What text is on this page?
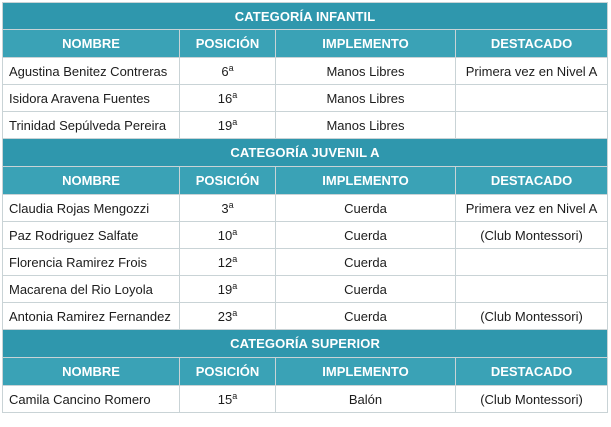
CATEGORÍA INFANTIL			
NOMBRE	POSICIÓN	IMPLEMENTO	DESTACADO
Agustina Benitez Contreras	6$^a$	Manos Libres	Primera vez en Nivel A
Isidora Aravena Fuentes	16$^a$	Manos Libres	
Trinidad Sepúlveda Pereira	19$^a$	Manos Libres	
CATEGORÍA JUVENIL A			
NOMBRE	POSICIÓN	IMPLEMENTO	DESTACADO
Claudia Rojas Mengozzi	3$^a$	Cuerda	Primera vez en Nivel A
Paz Rodriguez Salfate	10$^a$	Cuerda	(Club Montessori)
Florencia Ramirez Frois	12$^a$	Cuerda	
Macarena del Rio Loyola	19$^a$	Cuerda	
Antonia Ramirez Fernandez	23$^a$	Cuerda	(Club Montessori)
CATEGORÍA SUPERIOR			
NOMBRE	POSICIÓN	IMPLEMENTO	DESTACADO
Camila Cancino Romero	15$^a$	Balón	(Club Montessori)
